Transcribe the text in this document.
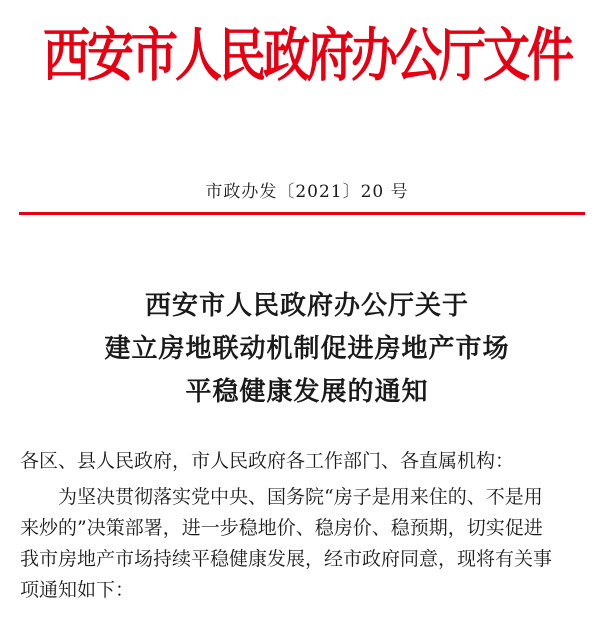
西安市人民政府办公厅文件
市政办发〔2021〕20 号
西安市人民政府办公厅关于
建立房地联动机制促进房地产市场
平稳健康发展的通知
各区、县人民政府，市人民政府各工作部门、各直属机构：
为坚决贯彻落实党中央、国务院“房子是用来住的、不是用
来炒的”决策部署，进一步稳地价、稳房价、稳预期，切实促进
我市房地产市场持续平稳健康发展，经市政府同意，现将有关事
项通知如下：
